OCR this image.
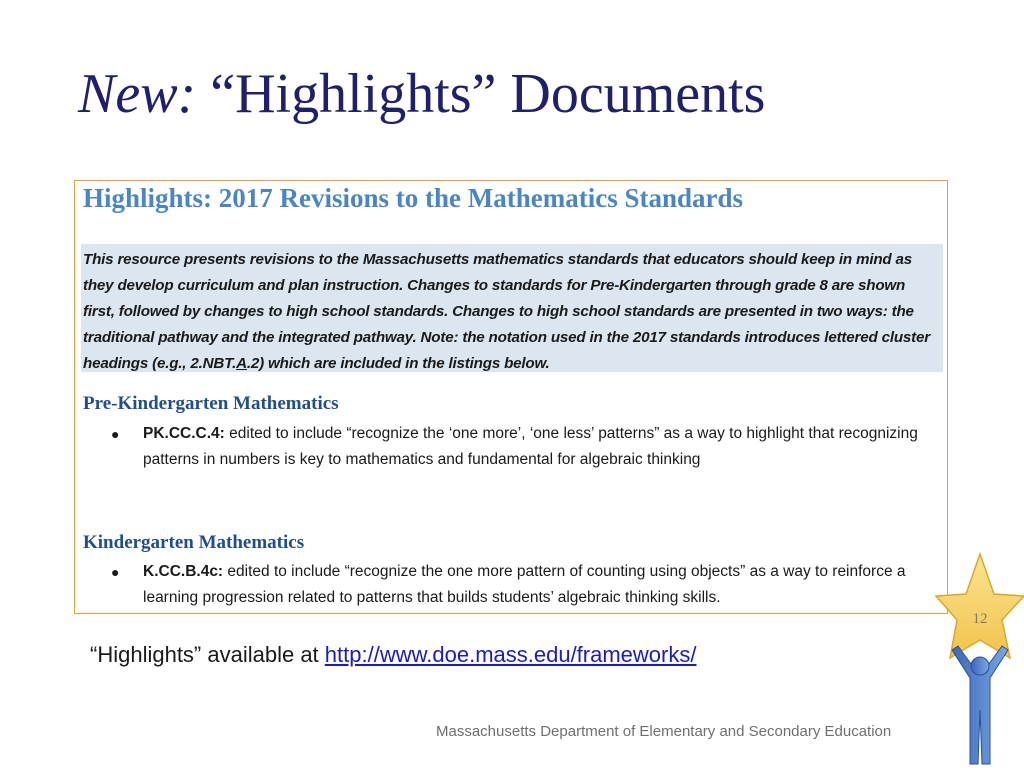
New: “Highlights” Documents
Highlights: 2017 Revisions to the Mathematics Standards
This resource presents revisions to the Massachusetts mathematics standards that educators should keep in mind as they develop curriculum and plan instruction. Changes to standards for Pre-Kindergarten through grade 8 are shown first, followed by changes to high school standards. Changes to high school standards are presented in two ways: the traditional pathway and the integrated pathway. Note: the notation used in the 2017 standards introduces lettered cluster headings (e.g., 2.NBT.A.2) which are included in the listings below.
Pre-Kindergarten Mathematics
● PK.CC.C.4: edited to include “recognize the ‘one more’, ‘one less’ patterns” as a way to highlight that recognizing patterns in numbers is key to mathematics and fundamental for algebraic thinking
Kindergarten Mathematics
● K.CC.B.4c: edited to include “recognize the one more pattern of counting using objects” as a way to reinforce a learning progression related to patterns that builds students’ algebraic thinking skills.
“Highlights” available at http://www.doe.mass.edu/frameworks/
Massachusetts Department of Elementary and Secondary Education
12
